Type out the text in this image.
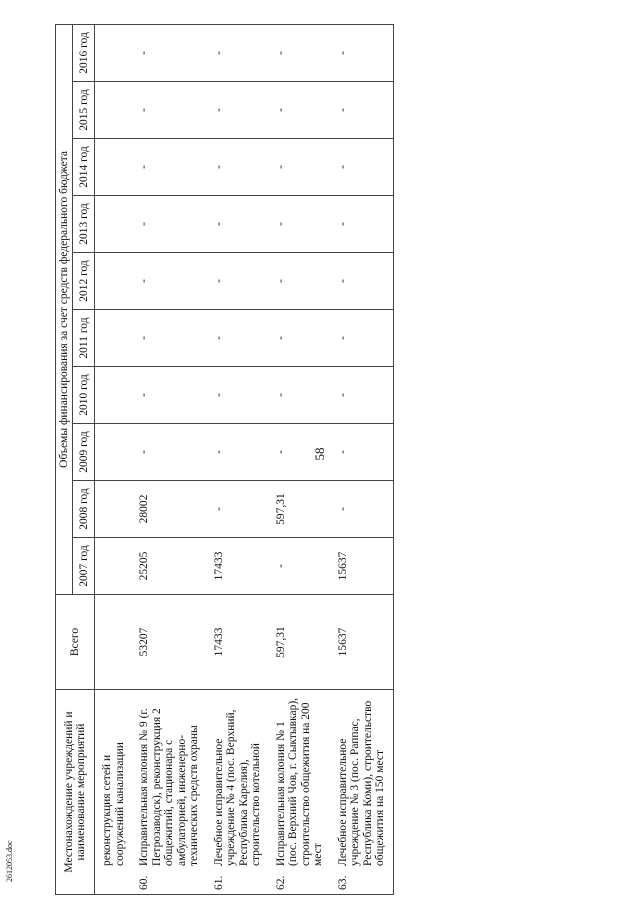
58
2612053.doc	Местонахождение учреждений и наименование мероприятий	Всего	Объемы финансирования за счет средств федерального бюджета									
		2007 год	2008 год	2009 год	2010 год	2011 год	2012 год	2013 год	2014 год	2015 год	2016 год
реконструкция сетей и сооружений канализации											
60.Исправительная колония № 9 (г. Петрозаводск), реконструкция 2 общежитий, стационара с амбулаторией, инженерно-технических средств охраны	53207	25205	28002	-	-	-	-	-	-	-	-
61.Лечебное исправительное учреждение № 4 (пос. Верхний, Республика Карелия), строительство котельной	17433	17433	-	-	-	-	-	-	-	-	-
62.Исправительная колония № 1 (пос. Верхний Чов, г. Сыктывкар), строительство общежития на 200 мест	597,31	-	597,31	-	-	-	-	-	-	-	-
63.Лечебное исправительное учреждение № 3 (пос. Раппас, Республика Коми), строительство общежития на 150 мест	15637	15637	-	-	-	-	-	-	-	-	-
